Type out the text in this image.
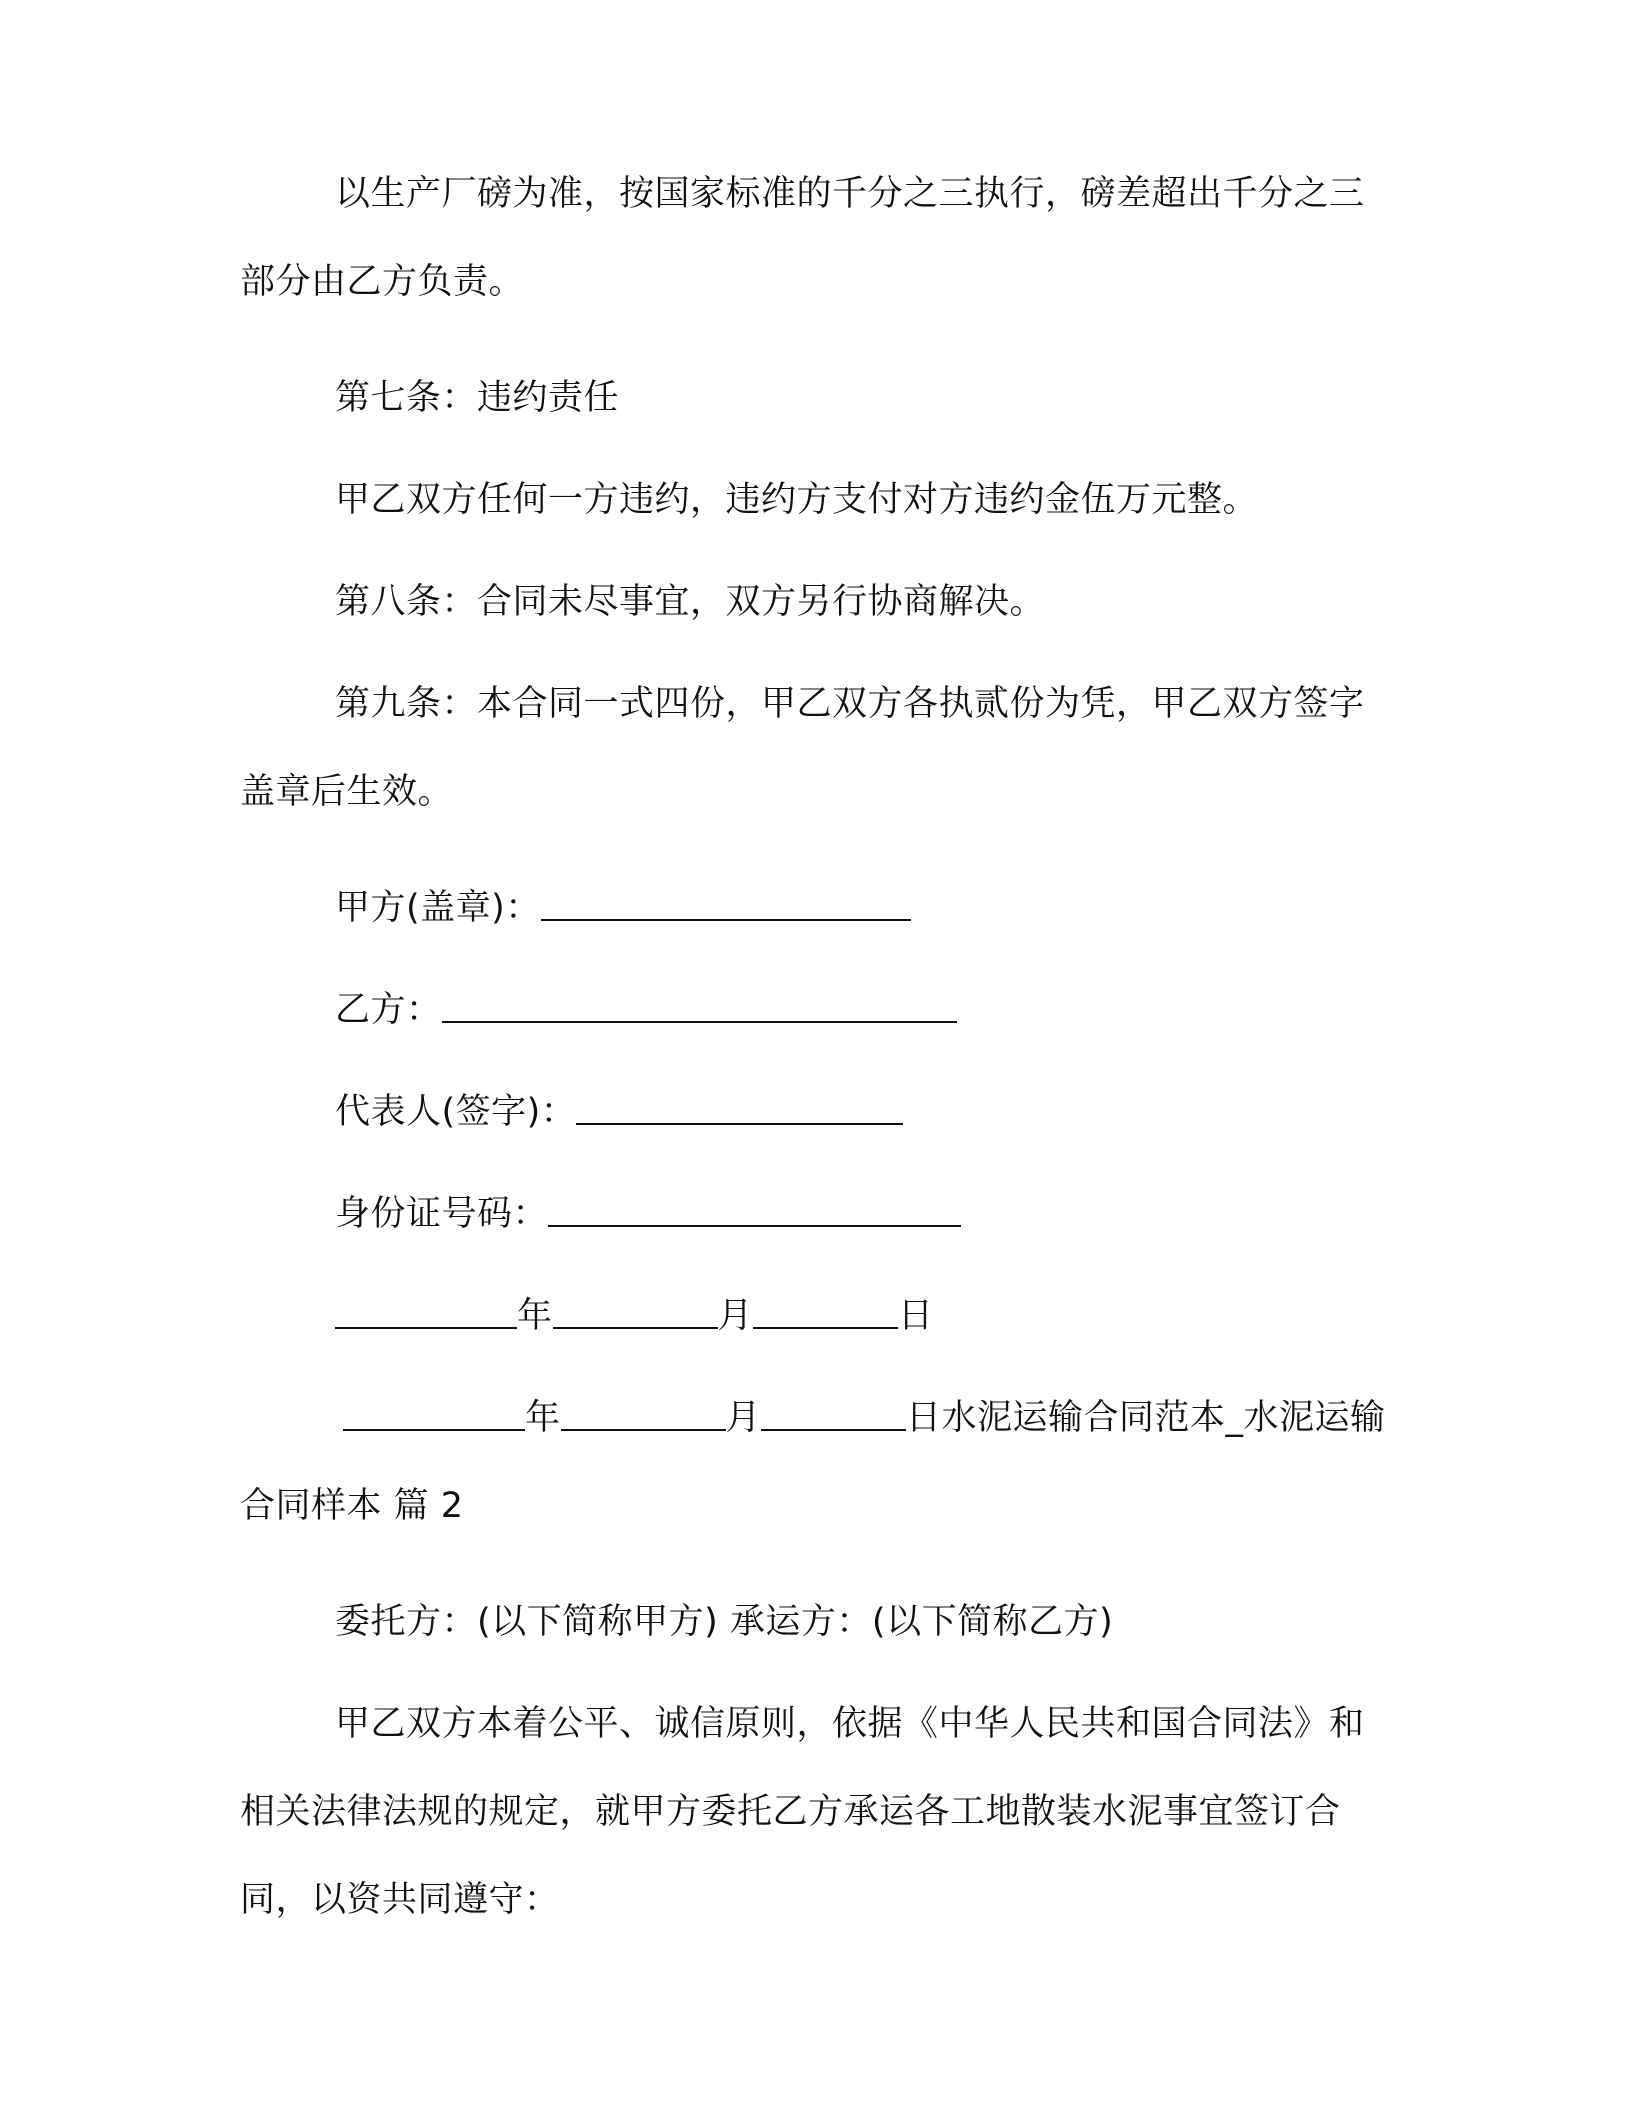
以生产厂磅为准，按国家标准的千分之三执行，磅差超出千分之三部分由乙方负责。

第七条：违约责任

甲乙双方任何一方违约，违约方支付对方违约金伍万元整。

第八条：合同未尽事宜，双方另行协商解决。

第九条：本合同一式四份，甲乙双方各执贰份为凭，甲乙双方签字盖章后生效。

甲方(盖章)：

乙方：

代表人(签字)：

身份证号码：

年	月	日

年	月	日水泥运输合同范本_水泥运输合同样本 篇 2

委托方：(以下简称甲方) 承运方：(以下简称乙方)

甲乙双方本着公平、诚信原则，依据《中华人民共和国合同法》和相关法律法规的规定，就甲方委托乙方承运各工地散装水泥事宜签订合同，以资共同遵守：
